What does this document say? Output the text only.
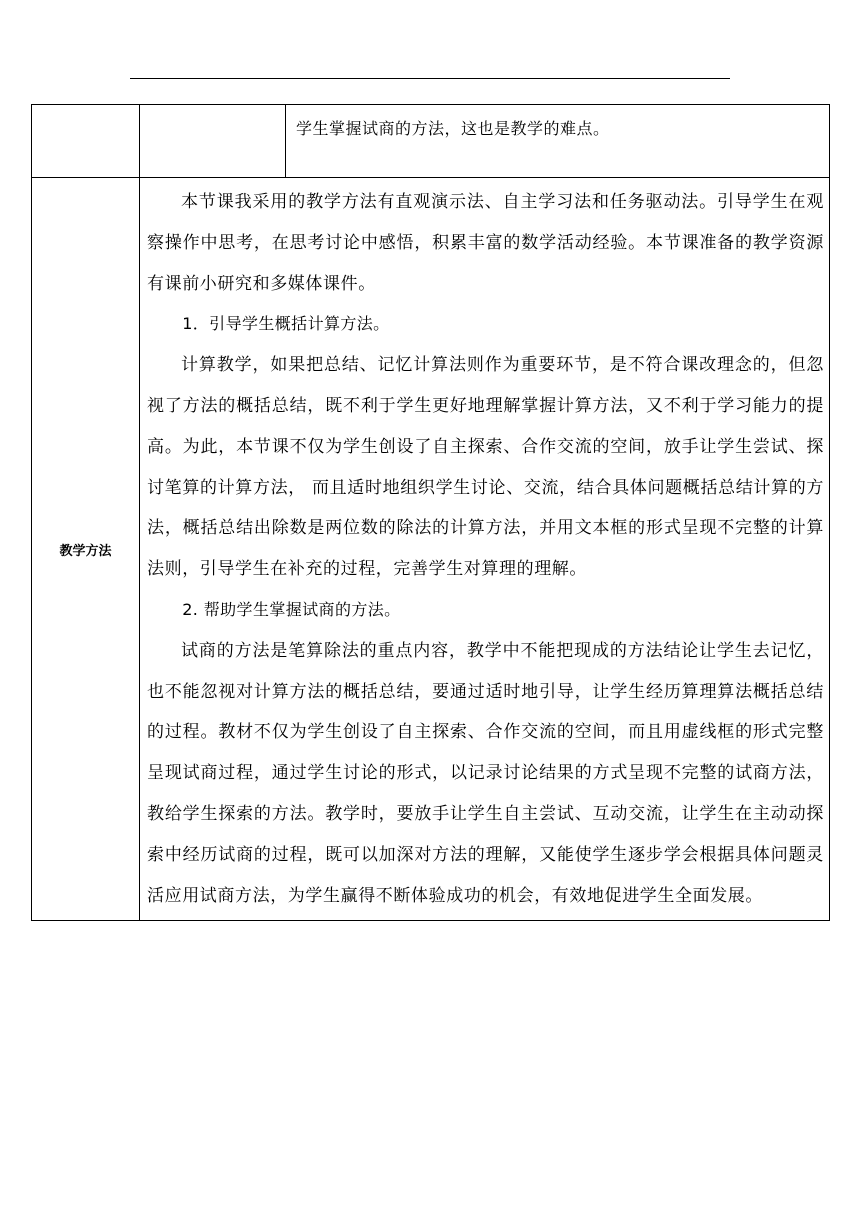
		学生掌握试商的方法，这也是教学的难点。

教学方法	本节课我采用的教学方法有直观演示法、自主学习法和任务驱动法。引导学生在观察操作中思考，在思考讨论中感悟，积累丰富的数学活动经验。本节课准备的教学资源有课前小研究和多媒体课件。

1．引导学生概括计算方法。

计算教学，如果把总结、记忆计算法则作为重要环节，是不符合课改理念的，但忽视了方法的概括总结，既不利于学生更好地理解掌握计算方法，又不利于学习能力的提高。为此，本节课不仅为学生创设了自主探索、合作交流的空间，放手让学生尝试、探讨笔算的计算方法， 而且适时地组织学生讨论、交流，结合具体问题概括总结计算的方法，概括总结出除数是两位数的除法的计算方法，并用文本框的形式呈现不完整的计算法则，引导学生在补充的过程，完善学生对算理的理解。

2. 帮助学生掌握试商的方法。

试商的方法是笔算除法的重点内容，教学中不能把现成的方法结论让学生去记忆，也不能忽视对计算方法的概括总结，要通过适时地引导，让学生经历算理算法概括总结的过程。教材不仅为学生创设了自主探索、合作交流的空间，而且用虚线框的形式完整呈现试商过程，通过学生讨论的形式，以记录讨论结果的方式呈现不完整的试商方法，教给学生探索的方法。教学时，要放手让学生自主尝试、互动交流，让学生在主动动探索中经历试商的过程，既可以加深对方法的理解，又能使学生逐步学会根据具体问题灵活应用试商方法，为学生赢得不断体验成功的机会，有效地促进学生全面发展。	
